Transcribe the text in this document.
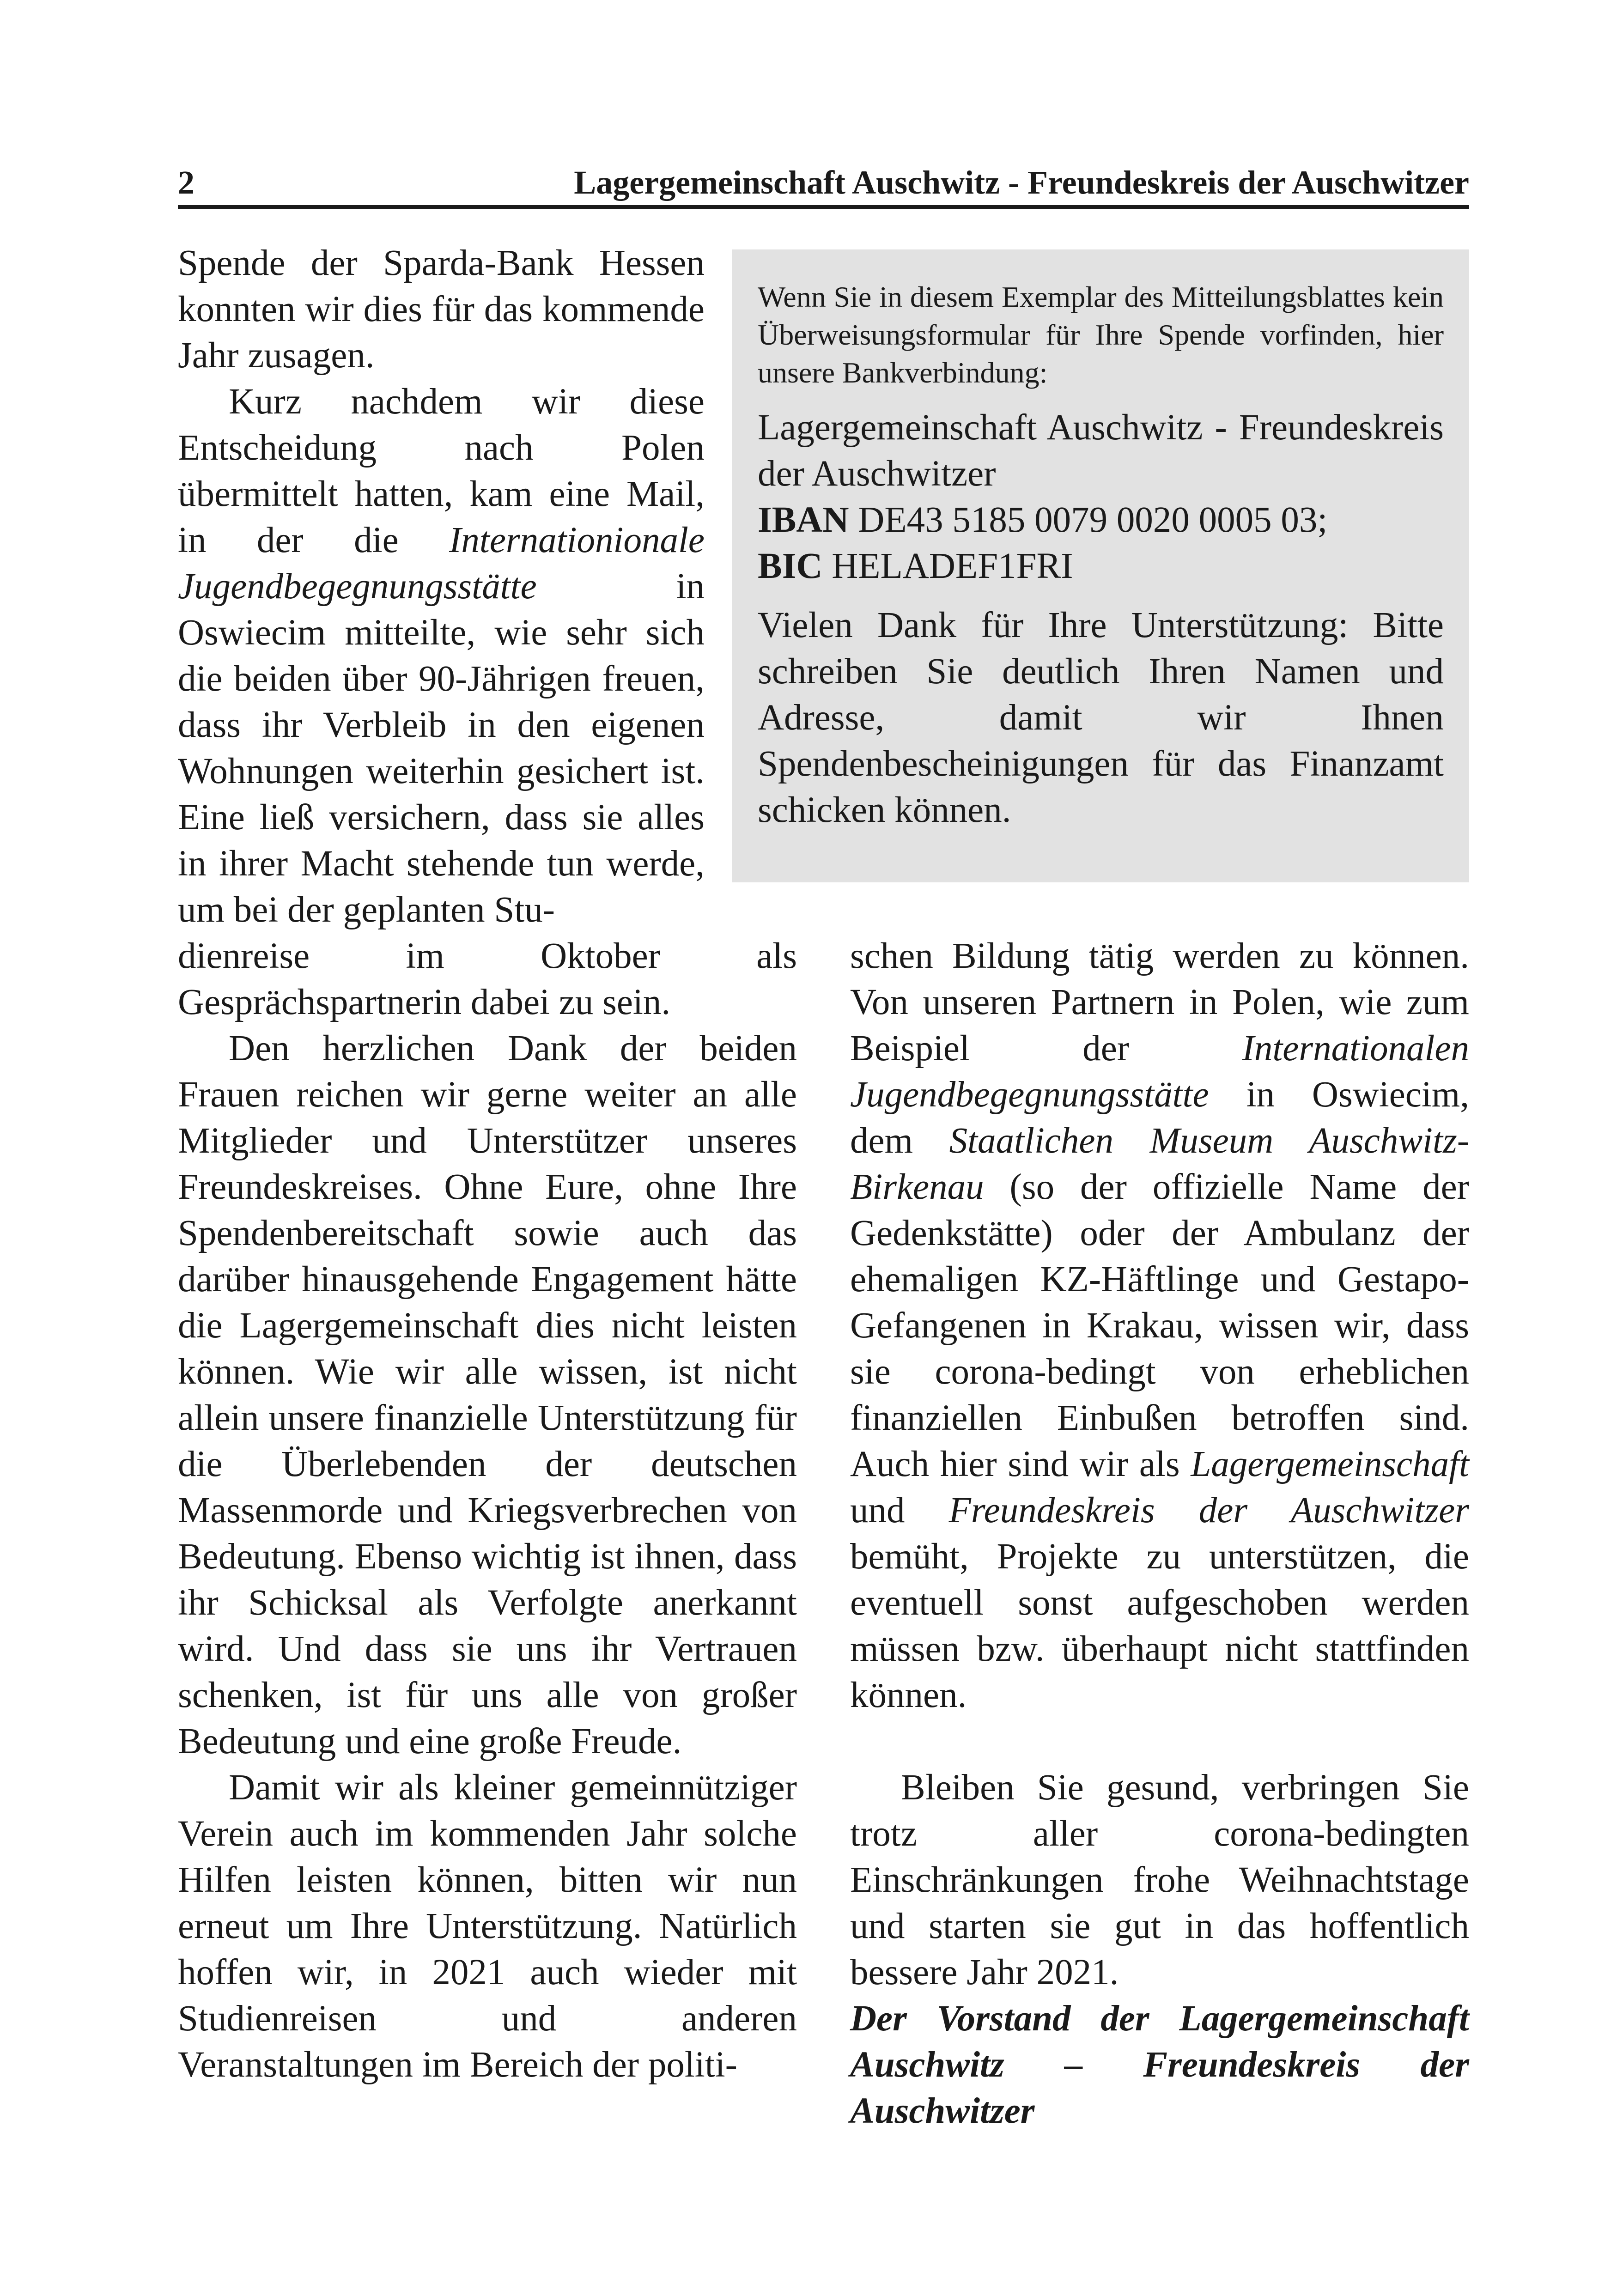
2	Lagergemeinschaft Auschwitz - Freundeskreis der Auschwitzer

Spende der Sparda-Bank Hessen konnten wir dies für das kommende Jahr zusagen.

Kurz nachdem wir diese Entscheidung nach Polen übermittelt hatten, kam eine Mail, in der die Internationionale Jugendbegegnungsstätte in Oswiecim mitteilte, wie sehr sich die beiden über 90-Jährigen freuen, dass ihr Verbleib in den eigenen Wohnungen weiterhin gesichert ist. Eine ließ versichern, dass sie alles in ihrer Macht stehende tun werde, um bei der geplanten Stu-

Wenn Sie in diesem Exemplar des Mitteilungsblattes kein Überweisungsformular für Ihre Spende vorfinden, hier unsere Bankverbindung:

Lagergemeinschaft Auschwitz - Freundeskreis der Auschwitzer
IBAN DE43 5185 0079 0020 0005 03;
BIC HELADEF1FRI

Vielen Dank für Ihre Unterstützung: Bitte schreiben Sie deutlich Ihren Namen und Adresse, damit wir Ihnen Spendenbescheinigungen für das Finanzamt schicken können.

dienreise im Oktober als Gesprächspartnerin dabei zu sein.

Den herzlichen Dank der beiden Frauen reichen wir gerne weiter an alle Mitglieder und Unterstützer unseres Freundeskreises. Ohne Eure, ohne Ihre Spendenbereitschaft sowie auch das darüber hinausgehende Engagement hätte die Lagergemeinschaft dies nicht leisten können. Wie wir alle wissen, ist nicht allein unsere finanzielle Unterstützung für die Überlebenden der deutschen Massenmorde und Kriegsverbrechen von Bedeutung. Ebenso wichtig ist ihnen, dass ihr Schicksal als Verfolgte anerkannt wird. Und dass sie uns ihr Vertrauen schenken, ist für uns alle von großer Bedeutung und eine große Freude.

Damit wir als kleiner gemeinnütziger Verein auch im kommenden Jahr solche Hilfen leisten können, bitten wir nun erneut um Ihre Unterstützung. Natürlich hoffen wir, in 2021 auch wieder mit Studienreisen und anderen Veranstaltungen im Bereich der politi-

schen Bildung tätig werden zu können. Von unseren Partnern in Polen, wie zum Beispiel der Internationalen Jugendbegegnungsstätte in Oswiecim, dem Staatlichen Museum Auschwitz-Birkenau (so der offizielle Name der Gedenkstätte) oder der Ambulanz der ehemaligen KZ-Häftlinge und Gestapo-Gefangenen in Krakau, wissen wir, dass sie corona-bedingt von erheblichen finanziellen Einbußen betroffen sind. Auch hier sind wir als Lagergemeinschaft und Freundeskreis der Auschwitzer bemüht, Projekte zu unterstützen, die eventuell sonst aufgeschoben werden müssen bzw. überhaupt nicht stattfinden können.

Bleiben Sie gesund, verbringen Sie trotz aller corona-bedingten Einschränkungen frohe Weihnachtstage und starten sie gut in das hoffentlich bessere Jahr 2021.

Der Vorstand der Lagergemeinschaft Auschwitz – Freundeskreis der Auschwitzer
